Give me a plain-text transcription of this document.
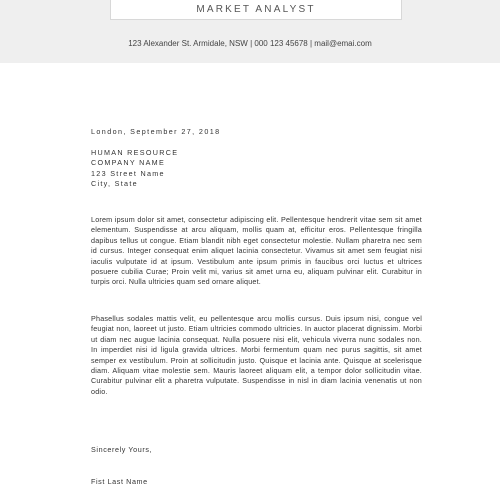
MARKET ANALYST
123 Alexander St. Armidale, NSW | 000 123 45678 | mail@emai.com
London, September 27, 2018
HUMAN RESOURCE
COMPANY NAME
123 Street Name
City, State
Lorem ipsum dolor sit amet, consectetur adipiscing elit. Pellentesque hendrerit vitae sem sit amet elementum. Suspendisse at arcu aliquam, mollis quam at, efficitur eros. Pellentesque fringilla dapibus tellus ut congue. Etiam blandit nibh eget consectetur molestie. Nullam pharetra nec sem id cursus. Integer consequat enim aliquet lacinia consectetur. Vivamus sit amet sem feugiat nisi iaculis vulputate id at ipsum. Vestibulum ante ipsum primis in faucibus orci luctus et ultrices posuere cubilia Curae; Proin velit mi, varius sit amet urna eu, aliquam pulvinar elit. Curabitur in turpis orci. Nulla ultricies quam sed ornare aliquet.
Phasellus sodales mattis velit, eu pellentesque arcu mollis cursus. Duis ipsum nisi, congue vel feugiat non, laoreet ut justo. Etiam ultricies commodo ultricies. In auctor placerat dignissim. Morbi ut diam nec augue lacinia consequat. Nulla posuere nisi elit, vehicula viverra nunc sodales non. In imperdiet nisi id ligula gravida ultrices. Morbi fermentum quam nec purus sagittis, sit amet semper ex vestibulum. Proin at sollicitudin justo. Quisque et lacinia ante. Quisque at scelerisque diam. Aliquam vitae molestie sem. Mauris laoreet aliquam elit, a tempor dolor sollicitudin vitae. Curabitur pulvinar elit a pharetra vulputate. Suspendisse in nisl in diam lacinia venenatis ut non odio.
Sincerely Yours,
Fist Last Name
